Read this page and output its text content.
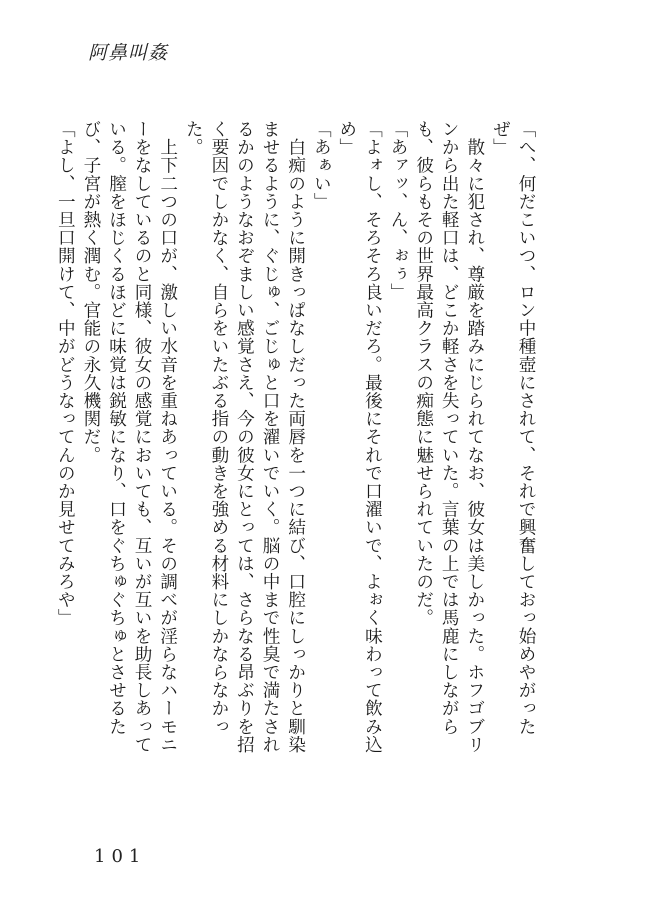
阿鼻叫姦

「へ、何だこいつ、ロン中種壺にされて、それで興奮しておっ始めやがったぜ」

　散々に犯され、尊厳を踏みにじられてなお、彼女は美しかった。ホフゴブリンから出た軽口は、どこか軽さを失っていた。言葉の上では馬鹿にしながらも、彼らもその世界最高クラスの痴態に魅せられていたのだ。

「あァッ、ん、ぉぅ」

「よォし、そろそろ良いだろ。最後にそれで口濯いで、よぉく味わって飲み込め」

「あぁい」

　白痴のように開きっぱなしだった両唇を一つに結び、口腔にしっかりと馴染ませるように、ぐじゅ、ごじゅと口を濯いでいく。脳の中まで性臭で満たされるかのようなおぞましい感覚さえ、今の彼女にとっては、さらなる昂ぶりを招く要因でしかなく、自らをいたぶる指の動きを強める材料にしかならなかった。

　上下二つの口が、激しい水音を重ねあっている。その調べが淫らなハーモニーをなしているのと同様、彼女の感覚においても、互いが互いを助長しあっている。膣をほじくるほどに味覚は鋭敏になり、口をぐちゅぐちゅとさせるたび、子宮が熱く潤む。官能の永久機関だ。

「よし、一旦口開けて、中がどうなってんのか見せてみろや」

101
